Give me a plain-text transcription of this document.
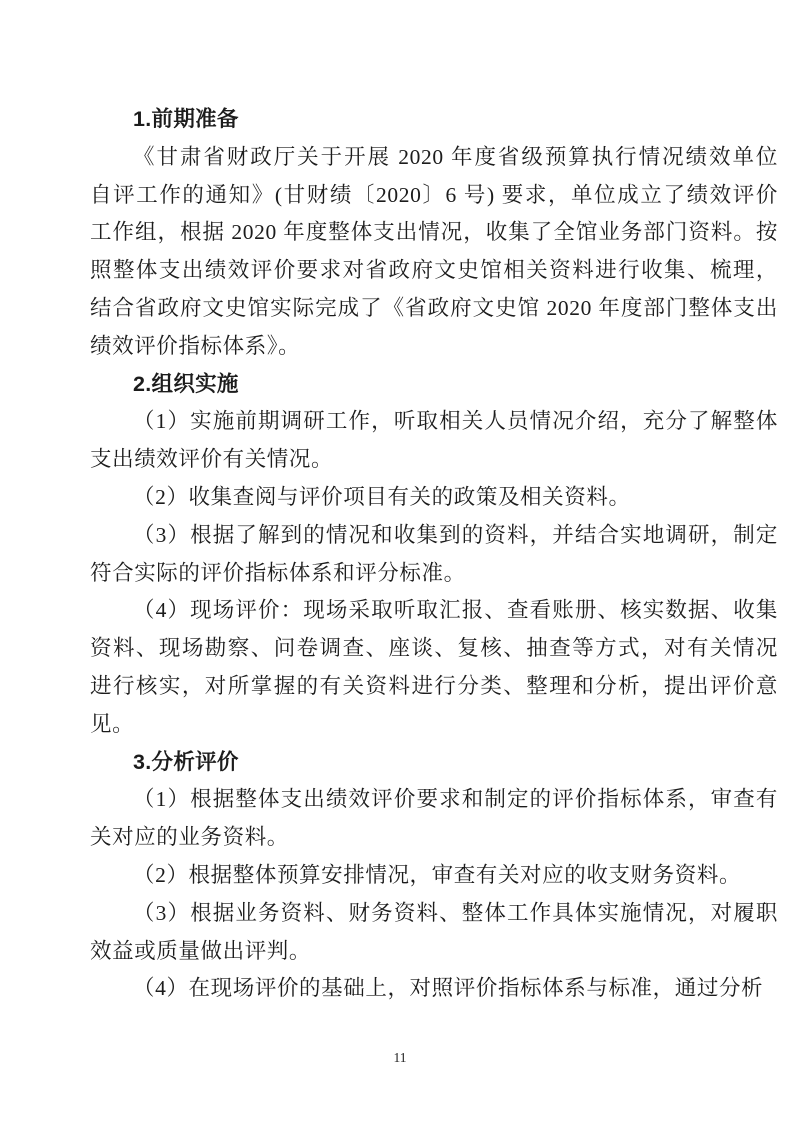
1.前期准备
《甘肃省财政厅关于开展 2020 年度省级预算执行情况绩效单位
自评工作的通知》(甘财绩〔2020〕6 号) 要求，单位成立了绩效评价
工作组，根据 2020 年度整体支出情况，收集了全馆业务部门资料。按
照整体支出绩效评价要求对省政府文史馆相关资料进行收集、梳理，
结合省政府文史馆实际完成了《省政府文史馆 2020 年度部门整体支出
绩效评价指标体系》。
2.组织实施
（1）实施前期调研工作，听取相关人员情况介绍，充分了解整体
支出绩效评价有关情况。
（2）收集查阅与评价项目有关的政策及相关资料。
（3）根据了解到的情况和收集到的资料，并结合实地调研，制定
符合实际的评价指标体系和评分标准。
（4）现场评价：现场采取听取汇报、查看账册、核实数据、收集
资料、现场勘察、问卷调查、座谈、复核、抽查等方式，对有关情况
进行核实，对所掌握的有关资料进行分类、整理和分析，提出评价意
见。
3.分析评价
（1）根据整体支出绩效评价要求和制定的评价指标体系，审查有
关对应的业务资料。
（2）根据整体预算安排情况，审查有关对应的收支财务资料。
（3）根据业务资料、财务资料、整体工作具体实施情况，对履职
效益或质量做出评判。
（4）在现场评价的基础上，对照评价指标体系与标准，通过分析
11
